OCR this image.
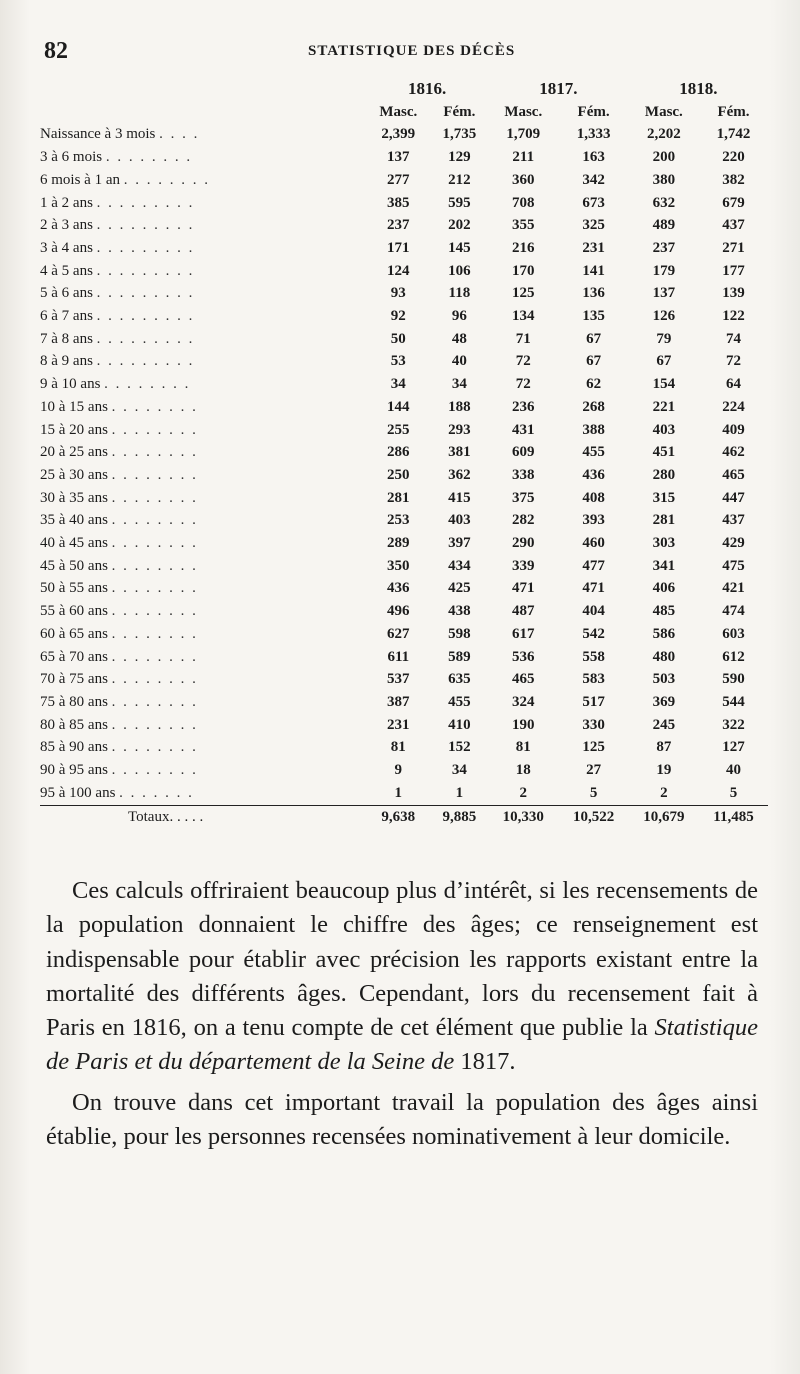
82	STATISTIQUE DES DÉCÈS
	1816.		1817.		1818.	
	Masc.	Fém.	Masc.	Fém.	Masc.	Fém.
Naissance à 3 mois . . . .	2,399	1,735	1,709	1,333	2,202	1,742
3 à 6 mois . . . . . . . .	137	129	211	163	200	220
6 mois à 1 an . . . . . . . .	277	212	360	342	380	382
1 à 2 ans . . . . . . . . .	385	595	708	673	632	679
2 à 3 ans . . . . . . . . .	237	202	355	325	489	437
3 à 4 ans . . . . . . . . .	171	145	216	231	237	271
4 à 5 ans . . . . . . . . .	124	106	170	141	179	177
5 à 6 ans . . . . . . . . .	93	118	125	136	137	139
6 à 7 ans . . . . . . . . .	92	96	134	135	126	122
7 à 8 ans . . . . . . . . .	50	48	71	67	79	74
8 à 9 ans . . . . . . . . .	53	40	72	67	67	72
9 à 10 ans . . . . . . . .	34	34	72	62	154	64
10 à 15 ans . . . . . . . .	144	188	236	268	221	224
15 à 20 ans . . . . . . . .	255	293	431	388	403	409
20 à 25 ans . . . . . . . .	286	381	609	455	451	462
25 à 30 ans . . . . . . . .	250	362	338	436	280	465
30 à 35 ans . . . . . . . .	281	415	375	408	315	447
35 à 40 ans . . . . . . . .	253	403	282	393	281	437
40 à 45 ans . . . . . . . .	289	397	290	460	303	429
45 à 50 ans . . . . . . . .	350	434	339	477	341	475
50 à 55 ans . . . . . . . .	436	425	471	471	406	421
55 à 60 ans . . . . . . . .	496	438	487	404	485	474
60 à 65 ans . . . . . . . .	627	598	617	542	586	603
65 à 70 ans . . . . . . . .	611	589	536	558	480	612
70 à 75 ans . . . . . . . .	537	635	465	583	503	590
75 à 80 ans . . . . . . . .	387	455	324	517	369	544
80 à 85 ans . . . . . . . .	231	410	190	330	245	322
85 à 90 ans . . . . . . . .	81	152	81	125	87	127
90 à 95 ans . . . . . . . .	9	34	18	27	19	40
95 à 100 ans . . . . . . .	1	1	2	5	2	5
Totaux. . . . .	9,638	9,885	10,330	10,522	10,679	11,485

Ces calculs offriraient beaucoup plus d’intérêt, si les recensements de la population donnaient le chiffre des âges; ce renseignement est indispensable pour établir avec précision les rapports existant entre la mortalité des différents âges. Cependant, lors du recensement fait à Paris en 1816, on a tenu compte de cet élément que publie la Statistique de Paris et du département de la Seine de 1817.

On trouve dans cet important travail la population des âges ainsi établie, pour les personnes recensées nominativement à leur domicile.
